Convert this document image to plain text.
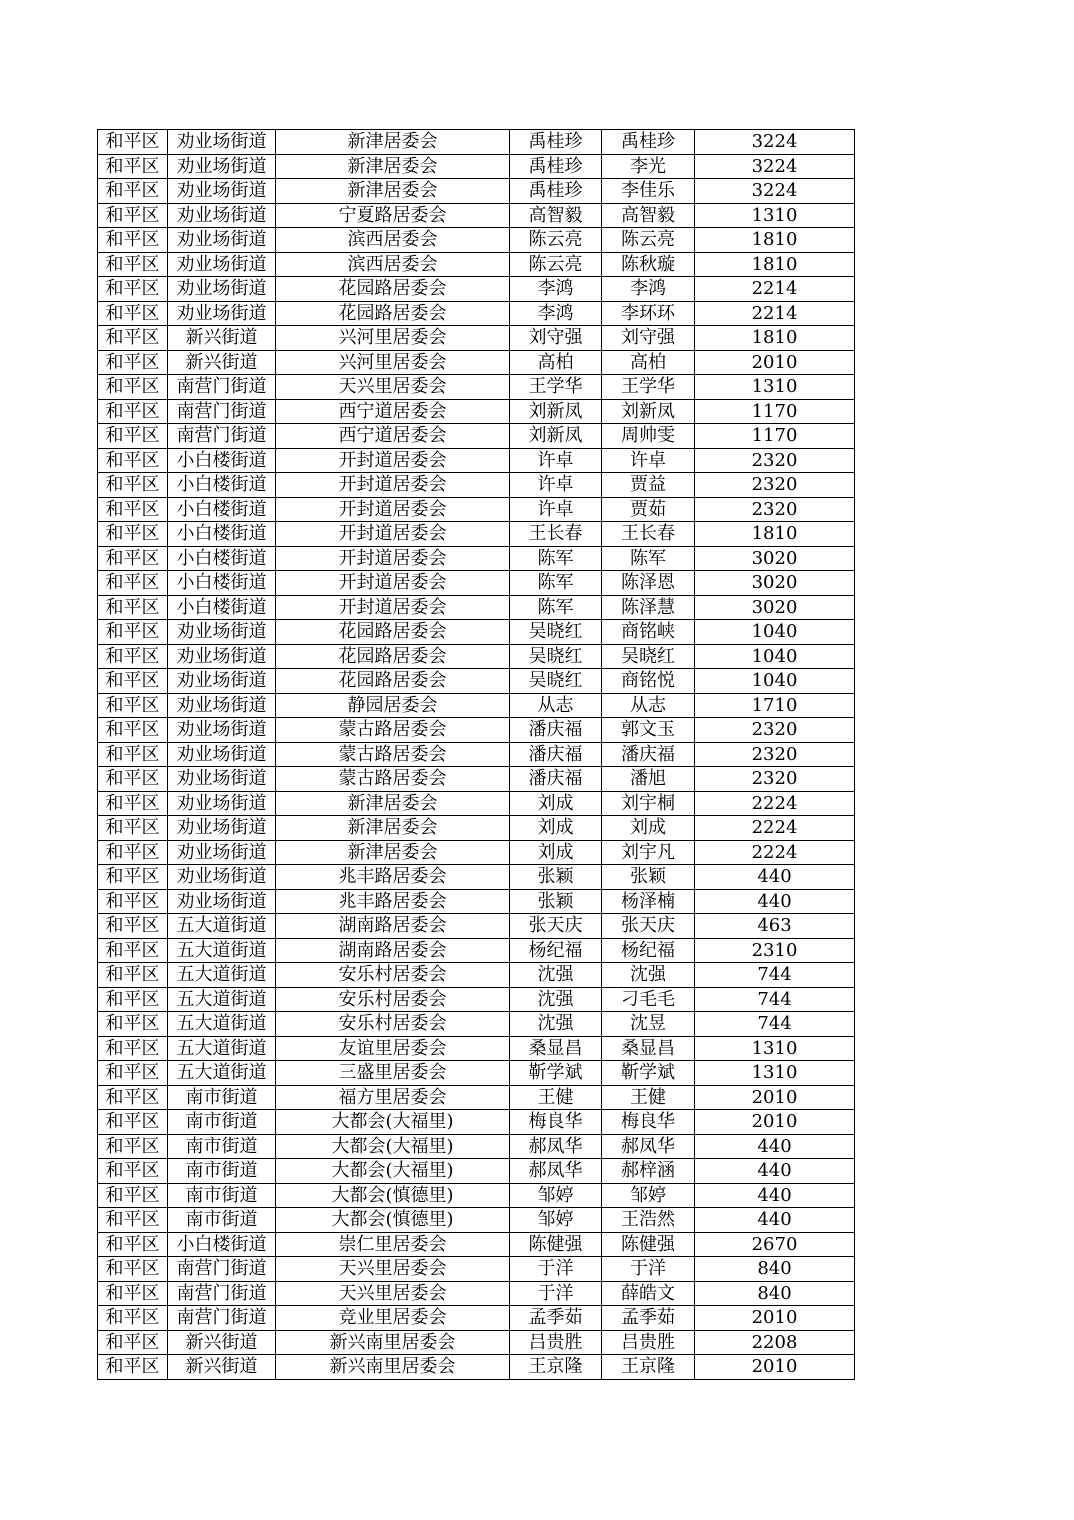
和平区	劝业场街道	新津居委会	禹桂珍	禹桂珍	3224
和平区	劝业场街道	新津居委会	禹桂珍	李光	3224
和平区	劝业场街道	新津居委会	禹桂珍	李佳乐	3224
和平区	劝业场街道	宁夏路居委会	高智毅	高智毅	1310
和平区	劝业场街道	滨西居委会	陈云亮	陈云亮	1810
和平区	劝业场街道	滨西居委会	陈云亮	陈秋璇	1810
和平区	劝业场街道	花园路居委会	李鸿	李鸿	2214
和平区	劝业场街道	花园路居委会	李鸿	李环环	2214
和平区	新兴街道	兴河里居委会	刘守强	刘守强	1810
和平区	新兴街道	兴河里居委会	高柏	高柏	2010
和平区	南营门街道	天兴里居委会	王学华	王学华	1310
和平区	南营门街道	西宁道居委会	刘新凤	刘新凤	1170
和平区	南营门街道	西宁道居委会	刘新凤	周帅雯	1170
和平区	小白楼街道	开封道居委会	许卓	许卓	2320
和平区	小白楼街道	开封道居委会	许卓	贾益	2320
和平区	小白楼街道	开封道居委会	许卓	贾茹	2320
和平区	小白楼街道	开封道居委会	王长春	王长春	1810
和平区	小白楼街道	开封道居委会	陈军	陈军	3020
和平区	小白楼街道	开封道居委会	陈军	陈泽恩	3020
和平区	小白楼街道	开封道居委会	陈军	陈泽慧	3020
和平区	劝业场街道	花园路居委会	吴晓红	商铭峡	1040
和平区	劝业场街道	花园路居委会	吴晓红	吴晓红	1040
和平区	劝业场街道	花园路居委会	吴晓红	商铭悦	1040
和平区	劝业场街道	静园居委会	从志	从志	1710
和平区	劝业场街道	蒙古路居委会	潘庆福	郭文玉	2320
和平区	劝业场街道	蒙古路居委会	潘庆福	潘庆福	2320
和平区	劝业场街道	蒙古路居委会	潘庆福	潘旭	2320
和平区	劝业场街道	新津居委会	刘成	刘宇桐	2224
和平区	劝业场街道	新津居委会	刘成	刘成	2224
和平区	劝业场街道	新津居委会	刘成	刘宇凡	2224
和平区	劝业场街道	兆丰路居委会	张颖	张颖	440
和平区	劝业场街道	兆丰路居委会	张颖	杨泽楠	440
和平区	五大道街道	湖南路居委会	张天庆	张天庆	463
和平区	五大道街道	湖南路居委会	杨纪福	杨纪福	2310
和平区	五大道街道	安乐村居委会	沈强	沈强	744
和平区	五大道街道	安乐村居委会	沈强	刁毛毛	744
和平区	五大道街道	安乐村居委会	沈强	沈昱	744
和平区	五大道街道	友谊里居委会	桑显昌	桑显昌	1310
和平区	五大道街道	三盛里居委会	靳学斌	靳学斌	1310
和平区	南市街道	福方里居委会	王健	王健	2010
和平区	南市街道	大都会(大福里)	梅良华	梅良华	2010
和平区	南市街道	大都会(大福里)	郝凤华	郝凤华	440
和平区	南市街道	大都会(大福里)	郝凤华	郝梓涵	440
和平区	南市街道	大都会(慎德里)	邹婷	邹婷	440
和平区	南市街道	大都会(慎德里)	邹婷	王浩然	440
和平区	小白楼街道	崇仁里居委会	陈健强	陈健强	2670
和平区	南营门街道	天兴里居委会	于洋	于洋	840
和平区	南营门街道	天兴里居委会	于洋	薛皓文	840
和平区	南营门街道	竞业里居委会	孟季茹	孟季茹	2010
和平区	新兴街道	新兴南里居委会	吕贵胜	吕贵胜	2208
和平区	新兴街道	新兴南里居委会	王京隆	王京隆	2010
